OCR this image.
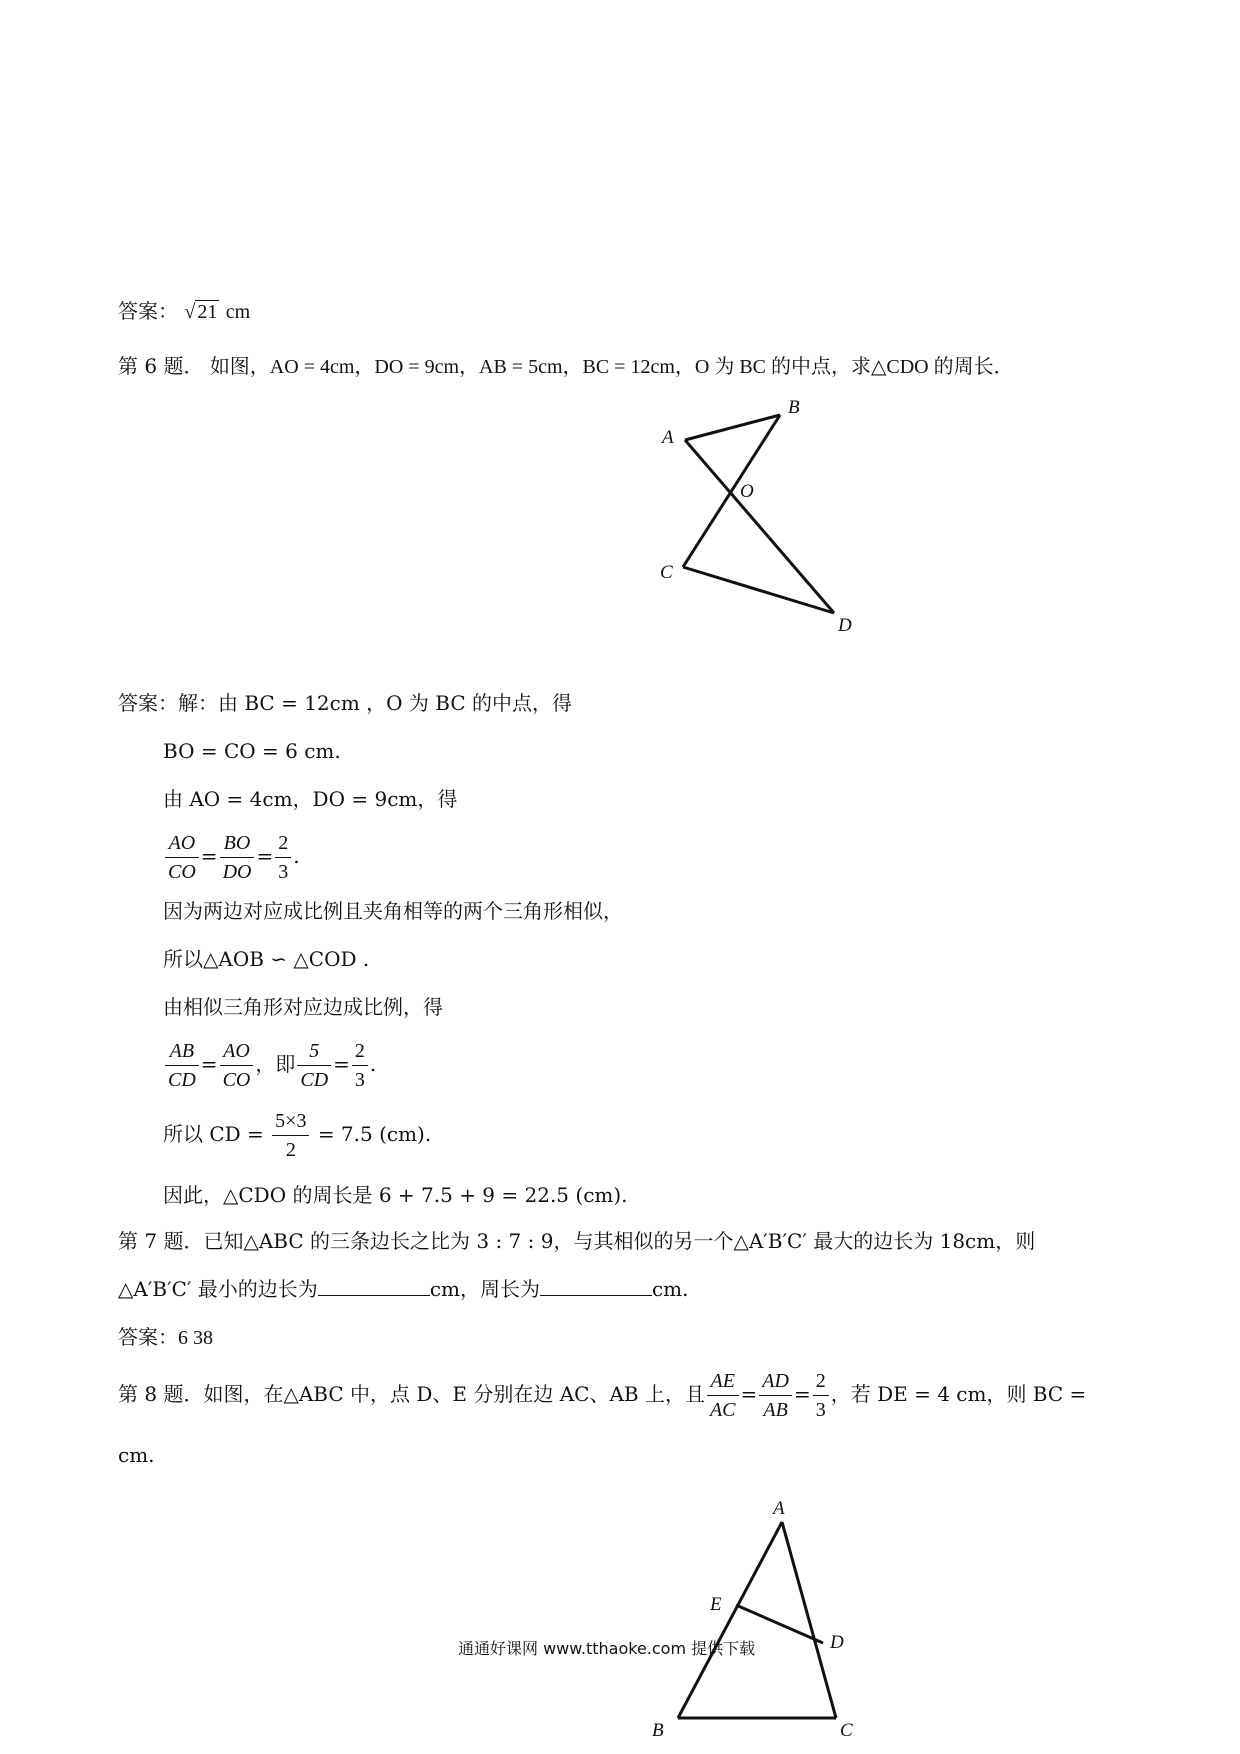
答案： √ 21 cm
第 6 题． 如图，AO = 4cm，DO = 9cm，AB = 5cm，BC = 12cm，O 为 BC 的中点，求△CDO 的周长．
A
B
O
C
D
答案：解：由 BC = 12cm ，O 为 BC 的中点，得
BO = CO = 6 cm.
由 AO = 4cm，DO = 9cm，得
$\frac{AO}{CO} = \frac{BO}{DO} = \frac{2}{3}$ .
因为两边对应成比例且夹角相等的两个三角形相似，
所以△AOB ∽ △COD .
由相似三角形对应边成比例，得
$\frac{AB}{CD} = \frac{AO}{CO}$ ，即 $\frac{5}{CD} = \frac{2}{3}$ .
所以 CD = $\frac{5\times 3}{2} = 7.5$ (cm).
因此，△CDO 的周长是 6 + 7.5 + 9 = 22.5 (cm).
第 7 题．已知△ABC 的三条边长之比为 3 : 7 : 9，与其相似的另一个△A′B′C′ 最大的边长为 18cm，则
△A′B′C′ 最小的边长为	cm，周长为	cm.
答案：6 38
第 8 题．如图，在△ABC 中，点 D、E 分别在边 AC、AB 上，且 $\frac{AE}{AC} = \frac{AD}{AB} = \frac{2}{3}$ ，若 DE = 4 cm，则 BC =
cm.
A
E
D
B	C
通通好课网 www.tthaoke.com 提供下载
